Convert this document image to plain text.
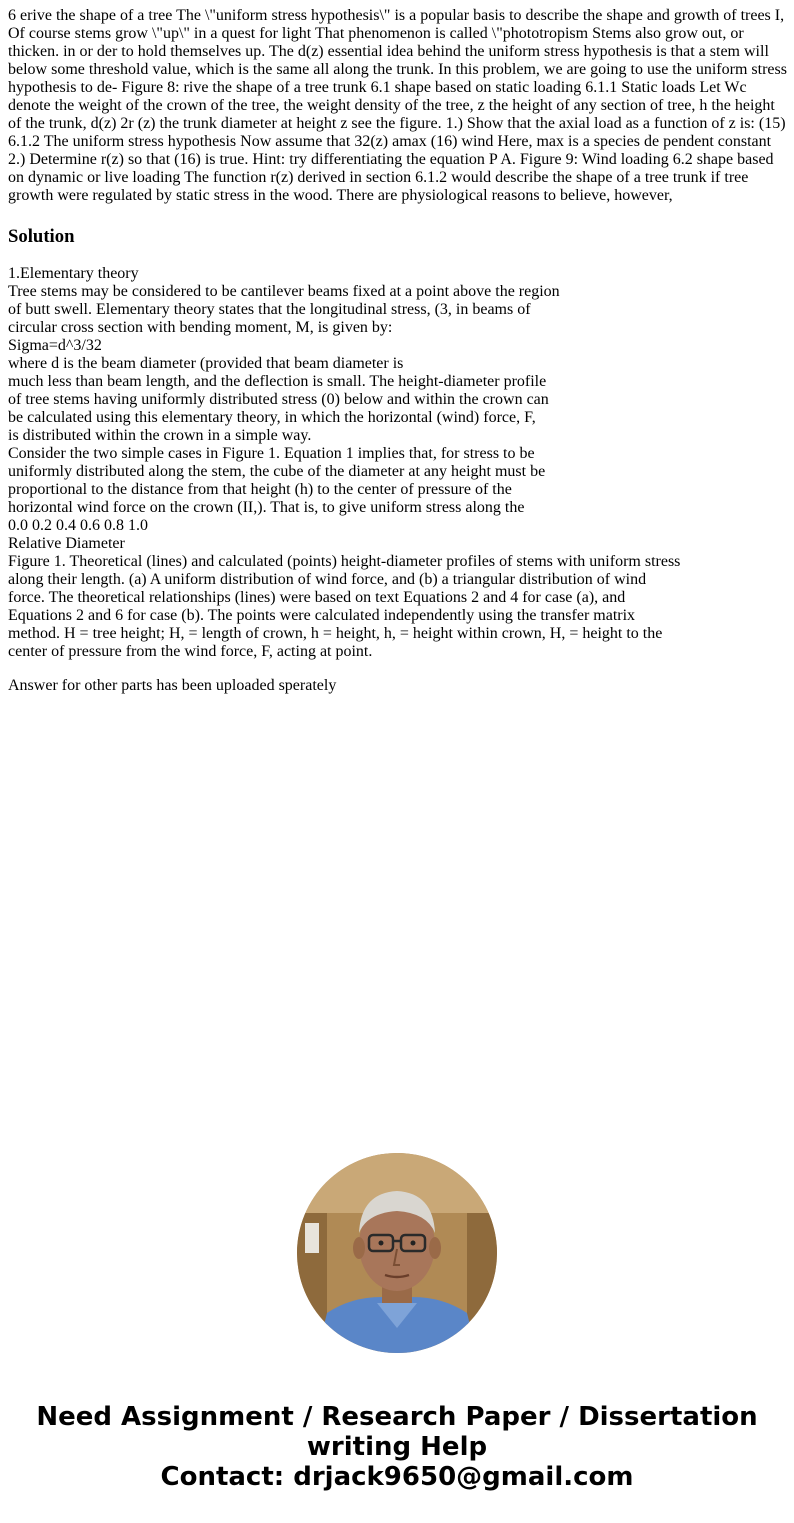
6 erive the shape of a tree The \"uniform stress hypothesis\" is a popular basis to describe the shape and growth of trees I, Of course stems grow \"up\" in a quest for light That phenomenon is called \"phototropism Stems also grow out, or thicken. in or der to hold themselves up. The d(z) essential idea behind the uniform stress hypothesis is that a stem will below some threshold value, which is the same all along the trunk. In this problem, we are going to use the uniform stress hypothesis to de- Figure 8: rive the shape of a tree trunk 6.1 shape based on static loading 6.1.1 Static loads Let Wc denote the weight of the crown of the tree, the weight density of the tree, z the height of any section of tree, h the height of the trunk, d(z) 2r (z) the trunk diameter at height z see the figure. 1.) Show that the axial load as a function of z is: (15) 6.1.2 The uniform stress hypothesis Now assume that 32(z) amax (16) wind Here, max is a species de pendent constant 2.) Determine r(z) so that (16) is true. Hint: try differentiating the equation P A. Figure 9: Wind loading 6.2 shape based on dynamic or live loading The function r(z) derived in section 6.1.2 would describe the shape of a tree trunk if tree growth were regulated by static stress in the wood. There are physiological reasons to believe, however,

Solution
1.Elementary theory
Tree stems may be considered to be cantilever beams fixed at a point above the region
of butt swell. Elementary theory states that the longitudinal stress, (3, in beams of
circular cross section with bending moment, M, is given by:
Sigma=d^3/32
where d is the beam diameter (provided that beam diameter is
much less than beam length, and the deflection is small. The height-diameter profile
of tree stems having uniformly distributed stress (0) below and within the crown can
be calculated using this elementary theory, in which the horizontal (wind) force, F,
is distributed within the crown in a simple way.
Consider the two simple cases in Figure 1. Equation 1 implies that, for stress to be
uniformly distributed along the stem, the cube of the diameter at any height must be
proportional to the distance from that height (h) to the center of pressure of the
horizontal wind force on the crown (II,). That is, to give uniform stress along the
0.0 0.2 0.4 0.6 0.8 1.0
Relative Diameter
Figure 1. Theoretical (lines) and calculated (points) height-diameter profiles of stems with uniform stress
along their length. (a) A uniform distribution of wind force, and (b) a triangular distribution of wind
force. The theoretical relationships (lines) were based on text Equations 2 and 4 for case (a), and
Equations 2 and 6 for case (b). The points were calculated independently using the transfer matrix
method. H = tree height; H, = length of crown, h = height, h, = height within crown, H, = height to the
center of pressure from the wind force, F, acting at point.

Answer for other parts has been uploaded sperately

Need Assignment / Research Paper / Dissertation
writing Help
Contact: drjack9650@gmail.com
